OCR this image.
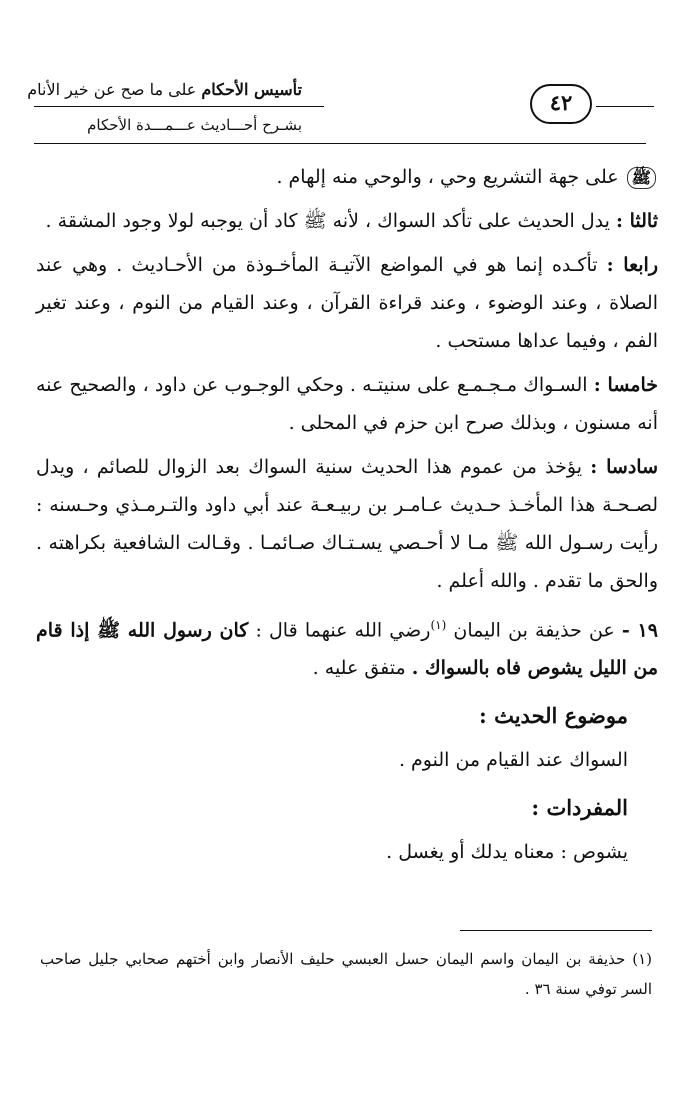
تأسيس الأحكام على ما صح عن خير الأنام
٤٢
بشـرح أحـــاديث عـــمـــدة الأحكام

ﷺ على جهة التشريع وحي ، والوحي منه إلهام .

ثالثا : يدل الحديث على تأكد السواك ، لأنه ﷺ كاد أن يوجبه لولا وجود المشقة .

رابعا : تأكـده إنما هو في المواضع الآتيـة المأخـوذة من الأحـاديث . وهي عند الصلاة ، وعند الوضوء ، وعند قراءة القرآن ، وعند القيام من النوم ، وعند تغير الفم ، وفيما عداها مستحب .

خامسا : السـواك مـجـمـع على سنيتـه . وحكي الوجـوب عن داود ، والصحيح عنه أنه مسنون ، وبذلك صرح ابن حزم في المحلى .

سادسا : يؤخذ من عموم هذا الحديث سنية السواك بعد الزوال للصائم ، ويدل لصـحـة هذا المأخـذ حـديث عـامـر بن ربيـعـة عند أبي داود والتـرمـذي وحـسنه : رأيت رسـول الله ﷺ مـا لا أحـصي يسـتـاك صـائمـا . وقـالت الشافعية بكراهته . والحق ما تقدم . والله أعلم .

١٩ - عن حذيفة بن اليمان $^{(١)}$رضي الله عنهما قال : كان رسول الله ﷺ إذا قام من الليل يشوص فاه بالسواك . متفق عليه .

موضوع الحديث :
السواك عند القيام من النوم .
المفردات :
يشوص : معناه يدلك أو يغسل .
(١) حذيفة بن اليمان واسم اليمان حسل العبسي حليف الأنصار وابن أختهم صحابي جليل صاحب السر توفي سنة ٣٦ .
